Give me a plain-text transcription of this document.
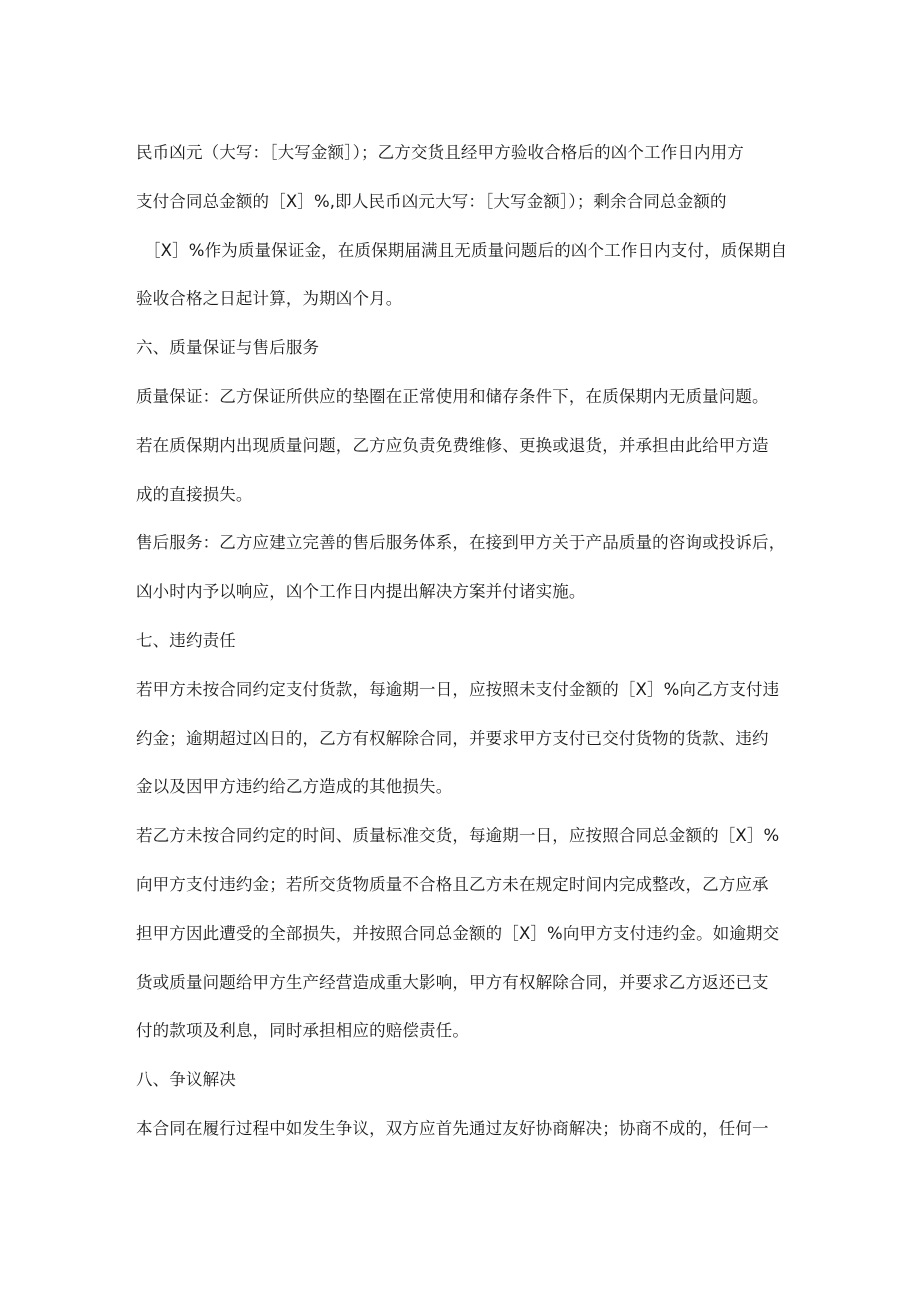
民币凶元（大写：［大写金额］）；乙方交货且经甲方验收合格后的凶个工作日内用方
支付合同总金额的［X］%,即人民币凶元大写：［大写金额］）；剩余合同总金额的
［X］%作为质量保证金，在质保期届满且无质量问题后的凶个工作日内支付，质保期自
验收合格之日起计算，为期凶个月。
六、质量保证与售后服务
质量保证：乙方保证所供应的垫圈在正常使用和储存条件下，在质保期内无质量问题。
若在质保期内出现质量问题，乙方应负责免费维修、更换或退货，并承担由此给甲方造
成的直接损失。
售后服务：乙方应建立完善的售后服务体系，在接到甲方关于产品质量的咨询或投诉后，
凶小时内予以响应，凶个工作日内提出解决方案并付诸实施。
七、违约责任
若甲方未按合同约定支付货款，每逾期一日，应按照未支付金额的［X］%向乙方支付违
约金；逾期超过凶日的，乙方有权解除合同，并要求甲方支付已交付货物的货款、违约
金以及因甲方违约给乙方造成的其他损失。
若乙方未按合同约定的时间、质量标准交货，每逾期一日，应按照合同总金额的［X］%
向甲方支付违约金；若所交货物质量不合格且乙方未在规定时间内完成整改，乙方应承
担甲方因此遭受的全部损失，并按照合同总金额的［X］%向甲方支付违约金。如逾期交
货或质量问题给甲方生产经营造成重大影响，甲方有权解除合同，并要求乙方返还已支
付的款项及利息，同时承担相应的赔偿责任。
八、争议解决
本合同在履行过程中如发生争议，双方应首先通过友好协商解决；协商不成的，任何一
